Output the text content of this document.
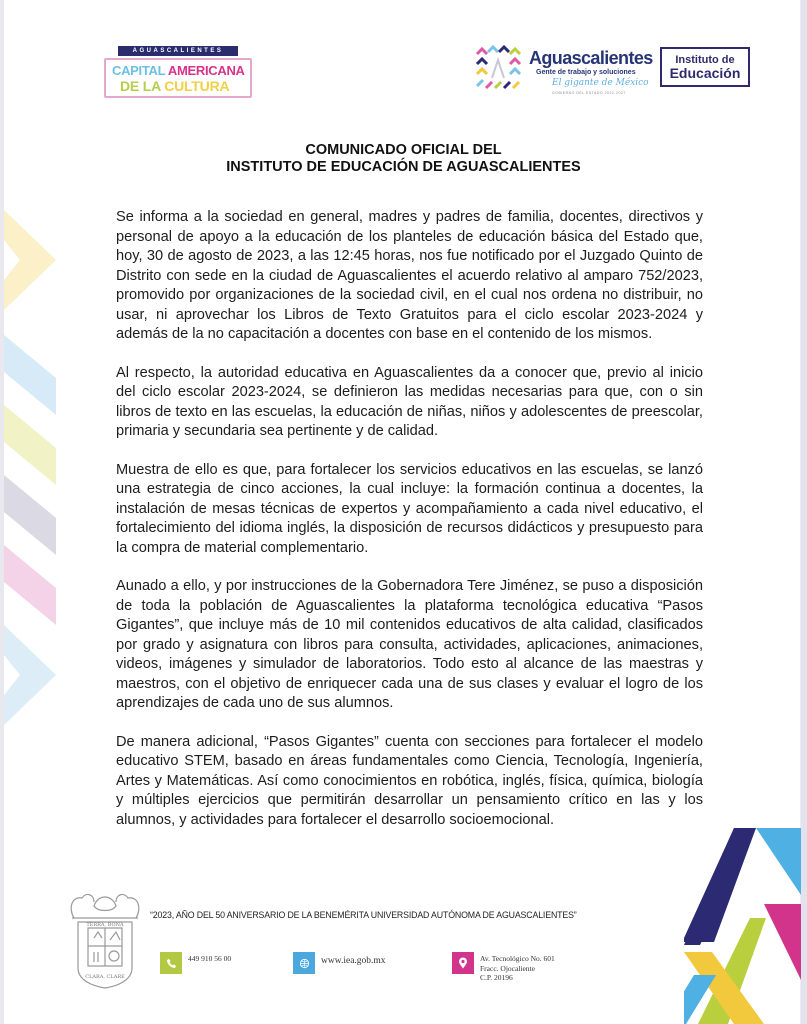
AGUASCALIENTES
CAPITAL AMERICANA
DE LA CULTURA
Aguascalientes
Gente de trabajo y soluciones
El gigante de México
GOBIERNO DEL ESTADO 2022-2027
Instituto de
Educación
COMUNICADO OFICIAL DEL
INSTITUTO DE EDUCACIÓN DE AGUASCALIENTES

Se informa a la sociedad en general, madres y padres de familia, docentes, directivos y personal de apoyo a la educación de los planteles de educación básica del Estado que, hoy, 30 de agosto de 2023, a las 12:45 horas, nos fue notificado por el Juzgado Quinto de Distrito con sede en la ciudad de Aguascalientes el acuerdo relativo al amparo 752/2023, promovido por organizaciones de la sociedad civil, en el cual nos ordena no distribuir, no usar, ni aprovechar los Libros de Texto Gratuitos para el ciclo escolar 2023-2024 y además de la no capacitación a docentes con base en el contenido de los mismos.

Al respecto, la autoridad educativa en Aguascalientes da a conocer que, previo al inicio del ciclo escolar 2023-2024, se definieron las medidas necesarias para que, con o sin libros de texto en las escuelas, la educación de niñas, niños y adolescentes de preescolar, primaria y secundaria sea pertinente y de calidad.

Muestra de ello es que, para fortalecer los servicios educativos en las escuelas, se lanzó una estrategia de cinco acciones, la cual incluye: la formación continua a docentes, la instalación de mesas técnicas de expertos y acompañamiento a cada nivel educativo, el fortalecimiento del idioma inglés, la disposición de recursos didácticos y presupuesto para la compra de material complementario.

Aunado a ello, y por instrucciones de la Gobernadora Tere Jiménez, se puso a disposición de toda la población de Aguascalientes la plataforma tecnológica educativa “Pasos Gigantes”, que incluye más de 10 mil contenidos educativos de alta calidad, clasificados por grado y asignatura con libros para consulta, actividades, aplicaciones, animaciones, videos, imágenes y simulador de laboratorios. Todo esto al alcance de las maestras y maestros, con el objetivo de enriquecer cada una de sus clases y evaluar el logro de los aprendizajes de cada uno de sus alumnos.

De manera adicional, “Pasos Gigantes” cuenta con secciones para fortalecer el modelo educativo STEM, basado en áreas fundamentales como Ciencia, Tecnología, Ingeniería, Artes y Matemáticas. Así como conocimientos en robótica, inglés, física, química, biología y múltiples ejercicios que permitirán desarrollar un pensamiento crítico en las y los alumnos, y actividades para fortalecer el desarrollo socioemocional.

TERRA, BONA
CLARA, CLARE
“2023, AÑO DEL 50 ANIVERSARIO DE LA BENEMÉRITA UNIVERSIDAD AUTÓNOMA DE AGUASCALIENTES”
449 910 56 00	www.iea.gob.mx	Av. Tecnológico No. 601
Fracc. Ojocaliente
C.P. 20196
